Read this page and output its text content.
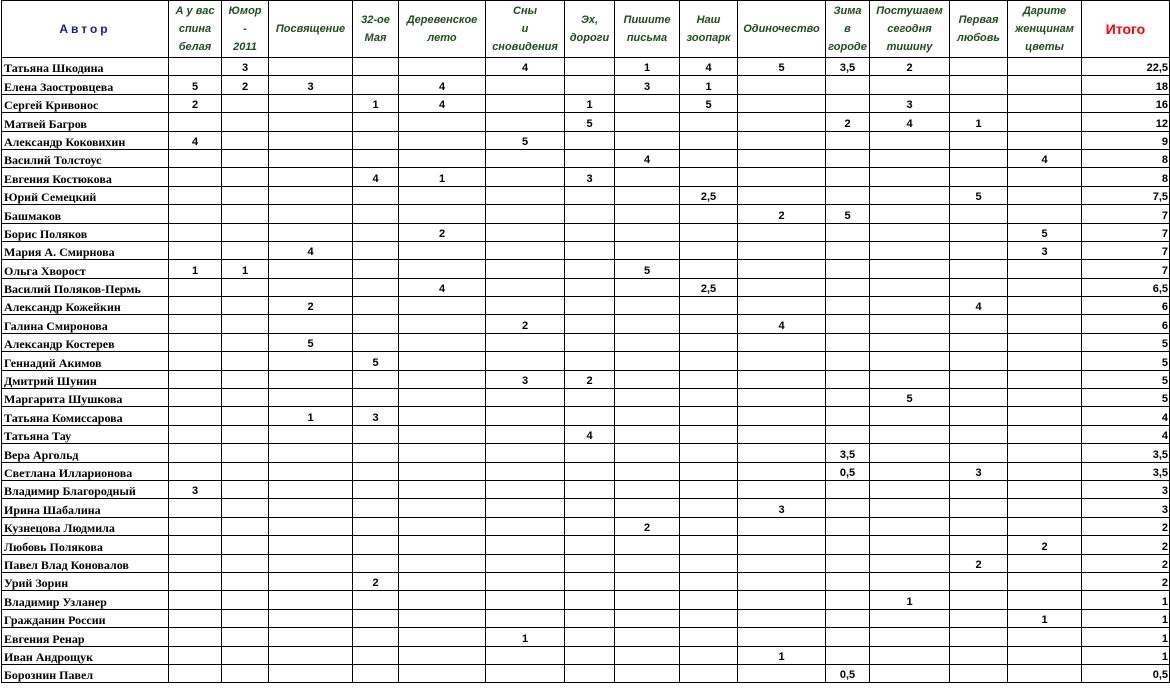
Автор	А у вас
спина
белая	Юмор
-
2011	Посвящение	32-ое
Мая	Деревенское
лето	Сны
и
сновидения	Эх,
дороги	Пишите
письма	Наш
зоопарк	Одиночество	Зима
в
городе	Постушаем
сегодня
тишину	Первая
любовь	Дарите
женщинам
цветы	Итого
Татьяна Шкодина		3				4		1	4	5	3,5	2			22,5
Елена Заостровцева	5	2	3		4			3	1						18
Сергей Кривонос	2			1	4		1		5			3			16
Матвей Багров							5				2	4	1		12
Александр Коковихин	4					5									9
Василий Толстоус								4						4	8
Евгения Костюкова				4	1		3								8
Юрий Семецкий									2,5				5		7,5
Башмаков										2	5				7
Борис Поляков					2									5	7
Мария А. Смирнова			4											3	7
Ольга Хворост	1	1						5							7
Василий Поляков-Пермь					4				2,5						6,5
Александр Кожейкин			2										4		6
Галина Смиронова						2				4					6
Александр Костерев			5												5
Геннадий Акимов				5											5
Дмитрий Шунин						3	2								5
Маргарита Шушкова												5			5
Татьяна Комиссарова			1	3											4
Татьяна Тау							4								4
Вера Аргольд											3,5				3,5
Светлана Илларионова											0,5		3		3,5
Владимир Благородный	3														3
Ирина Шабалина										3					3
Кузнецова Людмила								2							2
Любовь Полякова														2	2
Павел Влад Коновалов													2		2
Урий Зорин				2											2
Владимир Узланер												1			1
Гражданин России														1	1
Евгения Ренар						1									1
Иван Андрощук										1					1
Борознин Павел											0,5				0,5
